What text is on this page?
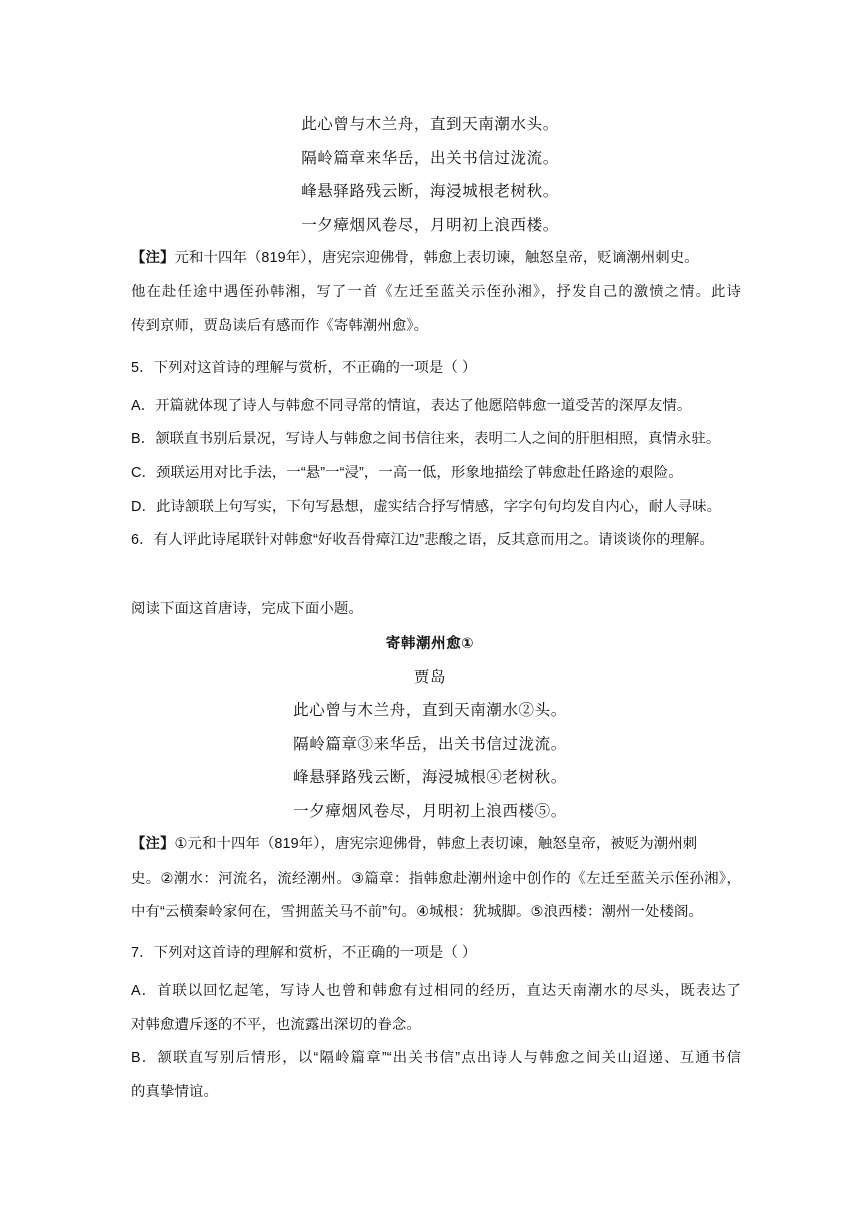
此心曾与木兰舟，直到天南潮水头。
隔岭篇章来华岳，出关书信过泷流。
峰悬驿路残云断，海浸城根老树秋。
一夕瘴烟风卷尽，月明初上浪西楼。
【注】元和十四年（819年），唐宪宗迎佛骨，韩愈上表切谏，触怒皇帝，贬谪潮州刺史。
他在赴任途中遇侄孙韩湘，写了一首《左迁至蓝关示侄孙湘》，抒发自己的激愤之情。此诗
传到京师，贾岛读后有感而作《寄韩潮州愈》。
5．下列对这首诗的理解与赏析，不正确的一项是（ ）
A．开篇就体现了诗人与韩愈不同寻常的情谊，表达了他愿陪韩愈一道受苦的深厚友情。
B．颔联直书别后景况，写诗人与韩愈之间书信往来，表明二人之间的肝胆相照，真情永驻。
C．颈联运用对比手法，一“悬”一“浸”，一高一低，形象地描绘了韩愈赴任路途的艰险。
D．此诗颔联上句写实，下句写悬想，虚实结合抒写情感，字字句句均发自内心，耐人寻味。
6．有人评此诗尾联针对韩愈“好收吾骨瘴江边”悲酸之语，反其意而用之。请谈谈你的理解。
阅读下面这首唐诗，完成下面小题。
寄韩潮州愈①
贾岛
此心曾与木兰舟，直到天南潮水②头。
隔岭篇章③来华岳，出关书信过泷流。
峰悬驿路残云断，海浸城根④老树秋。
一夕瘴烟风卷尽，月明初上浪西楼⑤。
【注】①元和十四年（819年），唐宪宗迎佛骨，韩愈上表切谏，触怒皇帝，被贬为潮州刺
史。②潮水：河流名，流经潮州。③篇章：指韩愈赴潮州途中创作的《左迁至蓝关示侄孙湘》，
中有“云横秦岭家何在，雪拥蓝关马不前”句。④城根：犹城脚。⑤浪西楼：潮州一处楼阁。
7．下列对这首诗的理解和赏析，不正确的一项是（ ）
A．首联以回忆起笔，写诗人也曾和韩愈有过相同的经历，直达天南潮水的尽头，既表达了
对韩愈遭斥逐的不平，也流露出深切的眷念。
B．颔联直写别后情形，以“隔岭篇章”“出关书信”点出诗人与韩愈之间关山迢递、互通书信
的真挚情谊。
